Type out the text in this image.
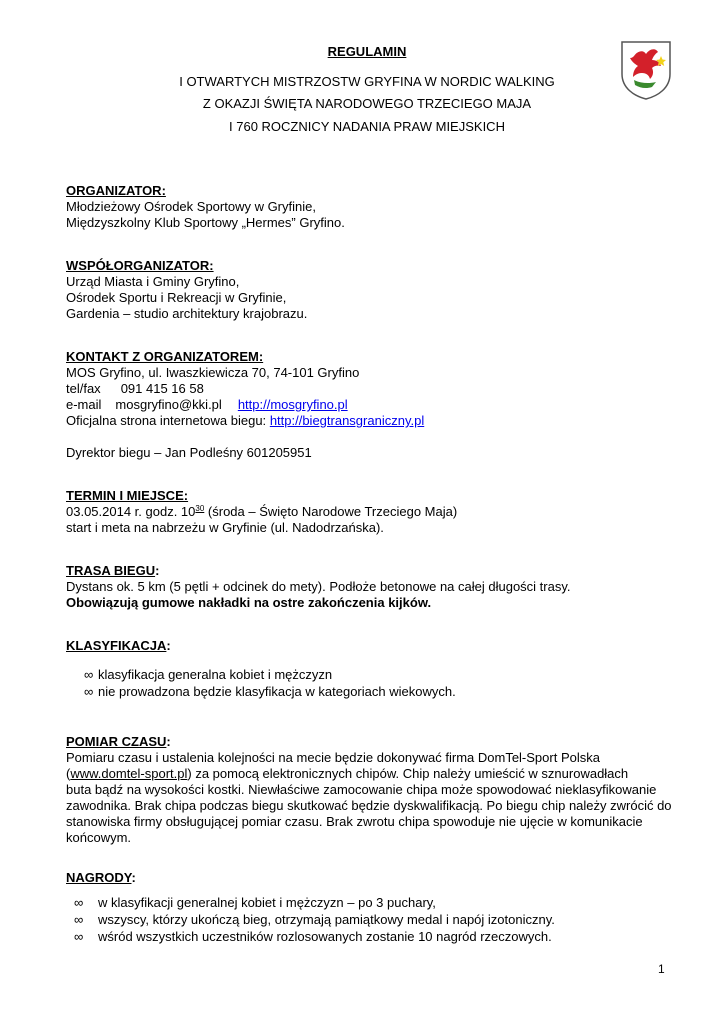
REGULAMIN
I OTWARTYCH MISTRZOSTW GRYFINA W NORDIC WALKING
Z OKAZJI ŚWIĘTA NARODOWEGO TRZECIEGO MAJA
I 760 ROCZNICY NADANIA PRAW MIEJSKICH

ORGANIZATOR:

Młodzieżowy Ośrodek Sportowy w Gryfinie,

Międzyszkolny Klub Sportowy „Hermes” Gryfino.

WSPÓŁORGANIZATOR:

Urząd Miasta i Gminy Gryfino,

Ośrodek Sportu i Rekreacji w Gryfinie,

Gardenia – studio architektury krajobrazu.

KONTAKT Z ORGANIZATOREM:

MOS Gryfino, ul. Iwaszkiewicza 70, 74-101 Gryfino

tel/fax 091 415 16 58

e-mail mosgryfino@kki.pl http://mosgryfino.pl

Oficjalna strona internetowa biegu: http://biegtransgraniczny.pl

Dyrektor biegu – Jan Podleśny 601205951

TERMIN I MIEJSCE:

03.05.2014 r. godz. $10^{30}$ (środa – Święto Narodowe Trzeciego Maja)

start i meta na nabrzeżu w Gryfinie (ul. Nadodrzańska).

TRASA BIEGU:

Dystans ok. 5 km (5 pętli + odcinek do mety). Podłoże betonowe na całej długości trasy.

Obowiązują gumowe nakładki na ostre zakończenia kijków.

KLASYFIKACJA:

∞ klasyfikacja generalna kobiet i mężczyzn
∞ nie prowadzona będzie klasyfikacja w kategoriach wiekowych.

POMIAR CZASU:

Pomiaru czasu i ustalenia kolejności na mecie będzie dokonywać firma DomTel-Sport Polska

(www.domtel-sport.pl) za pomocą elektronicznych chipów. Chip należy umieścić w sznurowadłach

buta bądź na wysokości kostki. Niewłaściwe zamocowanie chipa może spowodować nieklasyfikowanie zawodnika. Brak chipa podczas biegu skutkować będzie dyskwalifikacją. Po biegu chip należy zwrócić do stanowiska firmy obsługującej pomiar czasu. Brak zwrotu chipa spowoduje nie ujęcie w komunikacie końcowym.

NAGRODY:

∞ w klasyfikacji generalnej kobiet i mężczyzn – po 3 puchary,
∞ wszyscy, którzy ukończą bieg, otrzymają pamiątkowy medal i napój izotoniczny.
∞ wśród wszystkich uczestników rozlosowanych zostanie 10 nagród rzeczowych.
1
